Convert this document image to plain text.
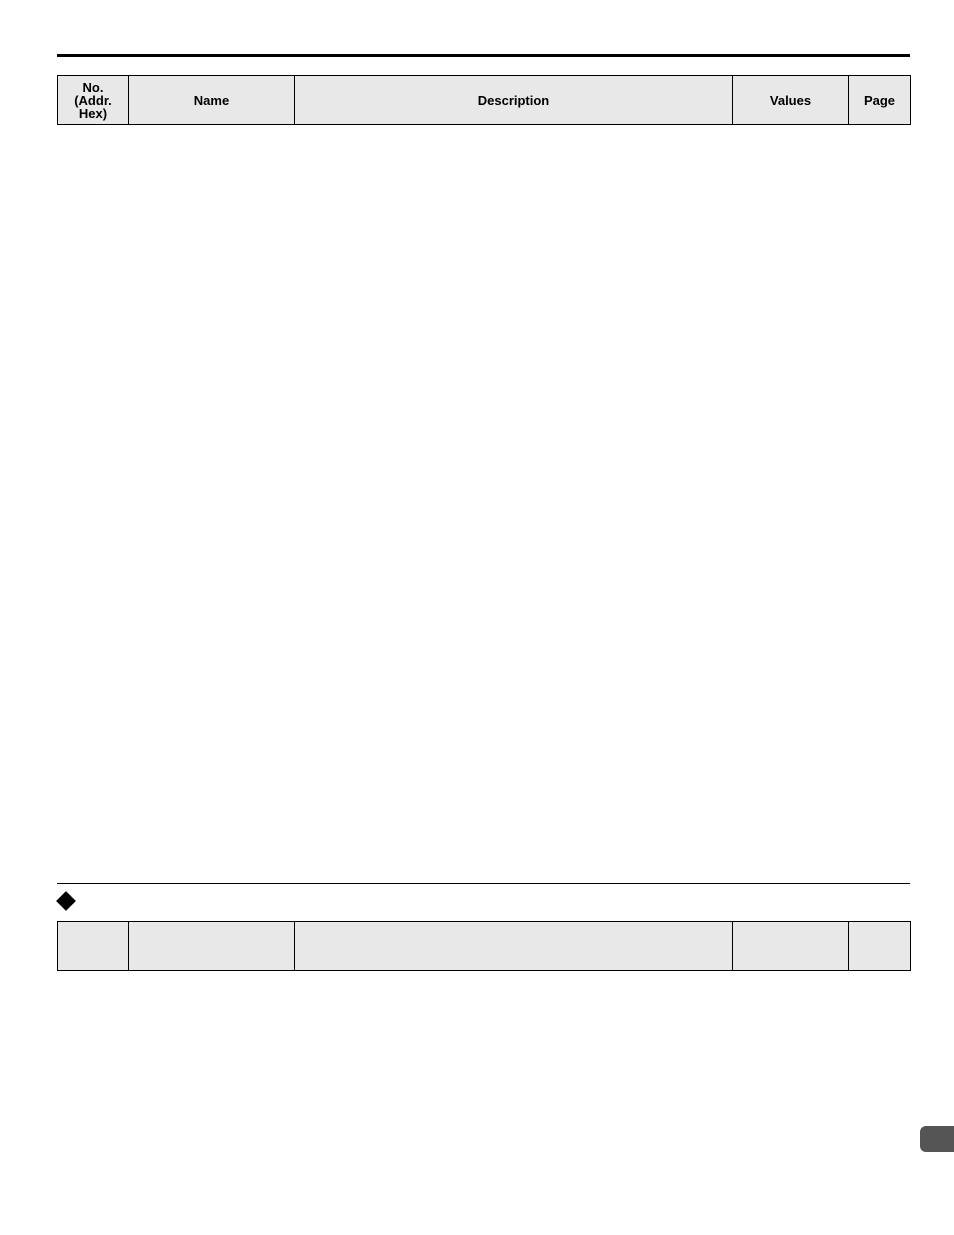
No.
(Addr.
Hex)	Name	Description	Values	Page
